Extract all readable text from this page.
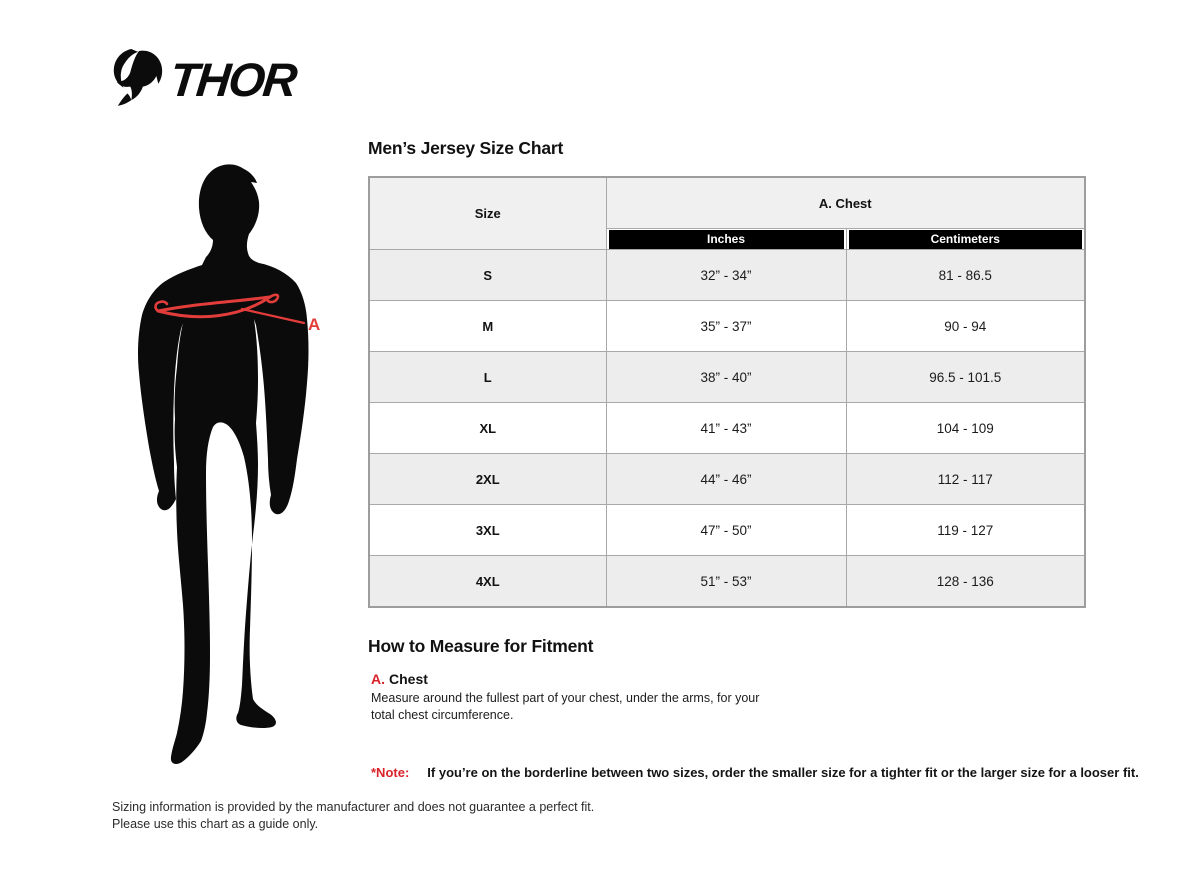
THOR
A
Men’s Jersey Size Chart
Size	A. Chest	

	Inches	Centimeters

S	32” - 34”	81 - 86.5
M	35” - 37”	90 - 94
L	38” - 40”	96.5 - 101.5
XL	41” - 43”	104 - 109
2XL	44” - 46”	112 - 117
3XL	47” - 50”	119 - 127
4XL	51” - 53”	128 - 136
How to Measure for Fitment
A. Chest
Measure around the fullest part of your chest, under the arms, for your
total chest circumference.
*Note: If you’re on the borderline between two sizes, order the smaller size for a tighter fit or the larger size for a looser fit.
Sizing information is provided by the manufacturer and does not guarantee a perfect fit.
Please use this chart as a guide only.
